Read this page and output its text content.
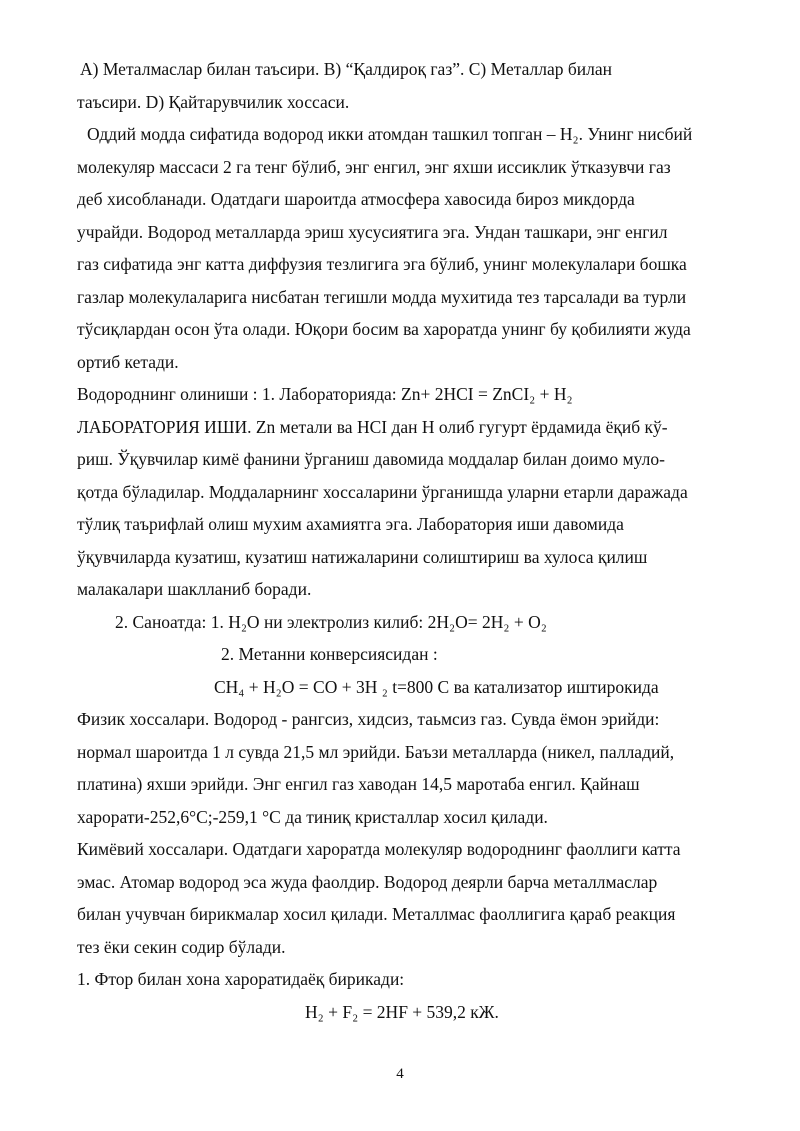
А) Металмаслар билан таъсири. В) “Қалдироқ газ”. С) Металлар билан
таъсири. D) Қайтарувчилик хоссаси.
Оддий модда сифатида водород икки атомдан ташкил топган – Н₂. Унинг нисбий
молекуляр массаси 2 га тенг бўлиб, энг енгил, энг яхши иссиклик ўтказувчи газ
деб хисобланади. Одатдаги шароитда атмосфера хавосида бироз микдорда
учрайди. Водород металларда эриш хусусиятига эга. Ундан ташкари, энг енгил
газ сифатида энг катта диффузия тезлигига эга бўлиб, унинг молекулалари бошка
газлар молекулаларига нисбатан тегишли модда мухитида тез тарсалади ва турли
тўсиқлардан осон ўта олади. Юқори босим ва хароратда унинг бу қобилияти жуда
ортиб кетади.
Водороднинг олиниши : 1. Лабораторияда: Zn+ 2HCI = ZnCI₂ + H₂
ЛАБОРАТОРИЯ ИШИ. Zn метали ва НСІ дан Н олиб гугурт ёрдамида ёқиб кў-
риш. Ўқувчилар кимё фанини ўрганиш давомида моддалар билан доимо муло-
қотда бўладилар. Моддаларнинг хоссаларини ўрганишда уларни етарли даражада
тўлиқ таърифлай олиш мухим ахамиятга эга. Лаборатория иши давомида
ўқувчиларда кузатиш, кузатиш натижаларини солиштириш ва хулоса қилиш
малакалари шаклланиб боради.
2. Саноатда: 1. Н₂О ни электролиз килиб: 2Н₂О= 2Н₂ + О₂
2. Метанни конверсиясидан :
СН₄ + Н₂О = СО + 3Н ₂ t=800 С ва катализатор иштирокида
Физик хоссалари. Водород - рангсиз, хидсиз, таьмсиз газ. Сувда ёмон эрийди:
нормал шароитда 1 л сувда 21,5 мл эрийди. Баъзи металларда (никел, палладий,
платина) яхши эрийди. Энг енгил газ хаводан 14,5 маротаба енгил. Қайнаш
харорати-252,6°С;-259,1 °С да тиниқ кристаллар хосил қилади.
Кимёвий хоссалари. Одатдаги хароратда молекуляр водороднинг фаоллиги катта
эмас. Атомар водород эса жуда фаолдир. Водород деярли барча металлмаслар
билан учувчан бирикмалар хосил қилади. Металлмас фаоллигига қараб реакция
тез ёки секин содир бўлади.
1. Фтор билан хона хароратидаёқ бирикади:
Н₂ + F₂ = 2НF + 539,2 кЖ.
4
